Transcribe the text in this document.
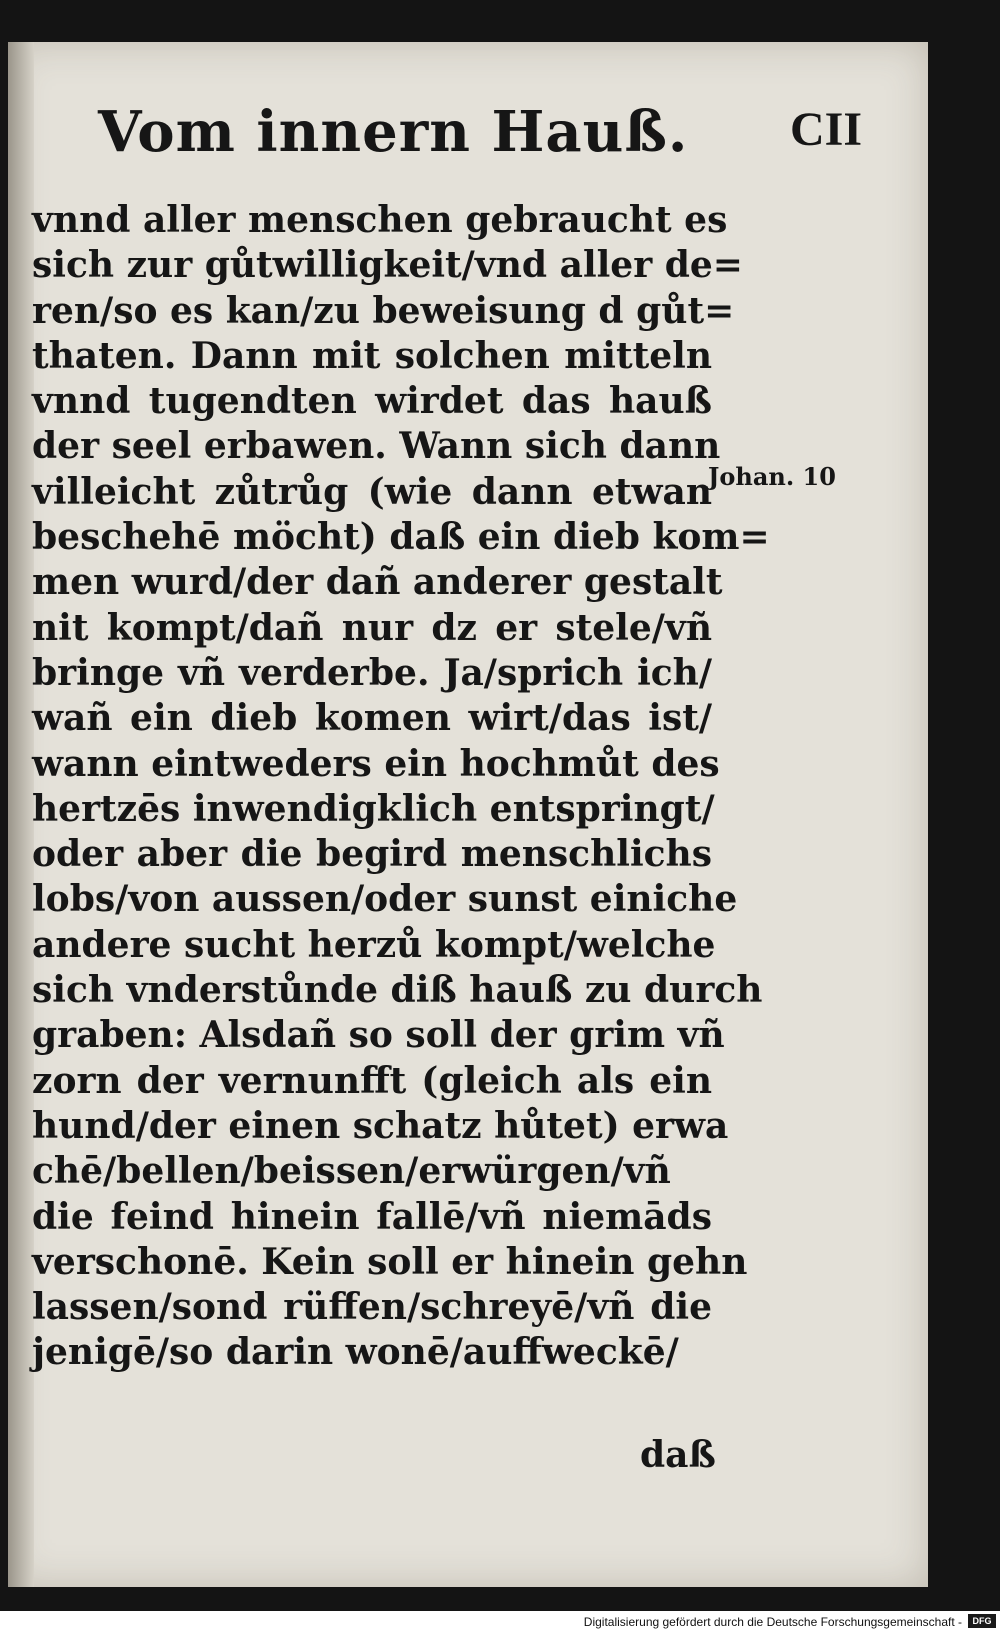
Vom innern Hauß. CII
vnnd aller menschen gebraucht es
sich zur gůtwilligkeit/vnd aller de=
ren/so es kan/zu beweisung d gůt=
thaten. Dann mit solchen mitteln
vnnd tugendten wirdet das hauß
der seel erbawen. Wann sich dann
villeicht zůtrůg (wie dann etwan
beschehē möcht) daß ein dieb kom=
men wurd/der dañ anderer gestalt
nit kompt/dañ nur dz er stele/vñ
bringe vñ verderbe. Ja/sprich ich/
wañ ein dieb komen wirt/das ist/
wann eintweders ein hochmůt des
hertzēs inwendigklich entspringt/
oder aber die begird menschlichs
lobs/von aussen/oder sunst einiche
andere sucht herzů kompt/welche
sich vnderstůnde diß hauß zu durch
graben: Alsdañ so soll der grim vñ
zorn der vernunfft (gleich als ein
hund/der einen schatz hůtet) erwa
chē/bellen/beissen/erwürgen/vñ
die feind hinein fallē/vñ niemāds
verschonē. Kein soll er hinein gehn
lassen/sond rüffen/schreyē/vñ die
jenigē/so darin wonē/auffweckē/
Johan. 10
daß
Digitalisierung gefördert durch die Deutsche Forschungsgemeinschaft -	DFG
